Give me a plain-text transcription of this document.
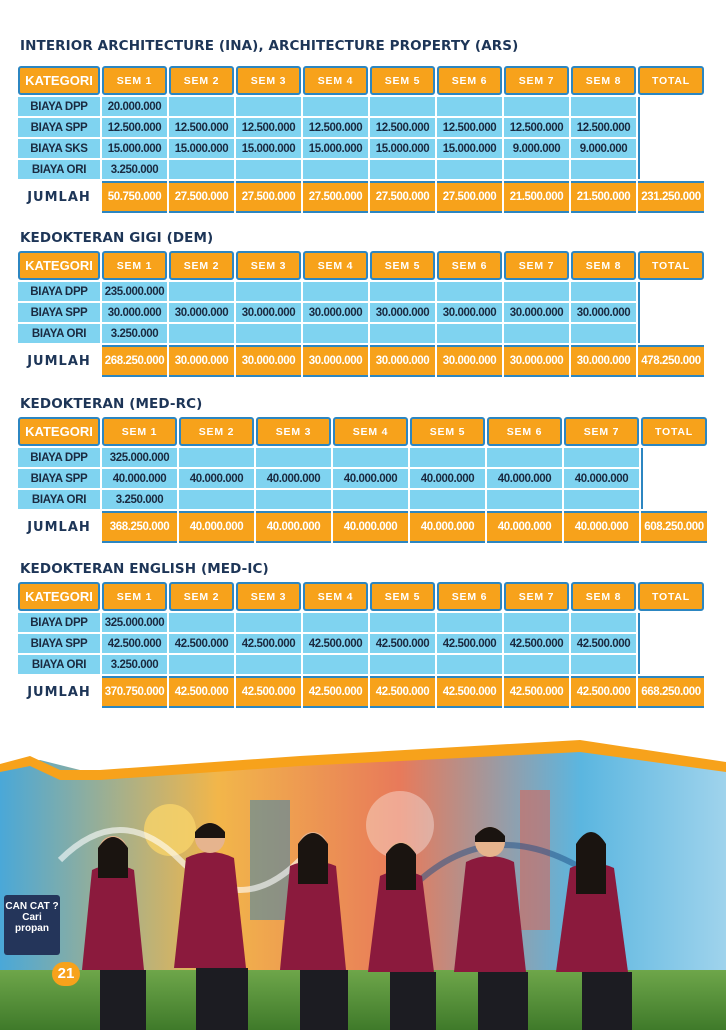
INTERIOR ARCHITECTURE (INA), ARCHITECTURE PROPERTY (ARS)
KATEGORI	SEM 1	SEM 2	SEM 3	SEM 4	SEM 5	SEM 6	SEM 7	SEM 8	TOTAL
BIAYA DPP	20.000.000								
BIAYA SPP	12.500.000	12.500.000	12.500.000	12.500.000	12.500.000	12.500.000	12.500.000	12.500.000	
BIAYA SKS	15.000.000	15.000.000	15.000.000	15.000.000	15.000.000	15.000.000	9.000.000	9.000.000	
BIAYA ORI	3.250.000								
JUMLAH	50.750.000	27.500.000	27.500.000	27.500.000	27.500.000	27.500.000	21.500.000	21.500.000	231.250.000
KEDOKTERAN GIGI (DEM)
KATEGORI	SEM 1	SEM 2	SEM 3	SEM 4	SEM 5	SEM 6	SEM 7	SEM 8	TOTAL
BIAYA DPP	235.000.000								
BIAYA SPP	30.000.000	30.000.000	30.000.000	30.000.000	30.000.000	30.000.000	30.000.000	30.000.000	
BIAYA ORI	3.250.000								
JUMLAH	268.250.000	30.000.000	30.000.000	30.000.000	30.000.000	30.000.000	30.000.000	30.000.000	478.250.000
KEDOKTERAN (MED-RC)
KATEGORI	SEM 1	SEM 2	SEM 3	SEM 4	SEM 5	SEM 6	SEM 7	TOTAL
BIAYA DPP	325.000.000							
BIAYA SPP	40.000.000	40.000.000	40.000.000	40.000.000	40.000.000	40.000.000	40.000.000	
BIAYA ORI	3.250.000							
JUMLAH	368.250.000	40.000.000	40.000.000	40.000.000	40.000.000	40.000.000	40.000.000	608.250.000
KEDOKTERAN ENGLISH (MED-IC)
KATEGORI	SEM 1	SEM 2	SEM 3	SEM 4	SEM 5	SEM 6	SEM 7	SEM 8	TOTAL
BIAYA DPP	325.000.000								
BIAYA SPP	42.500.000	42.500.000	42.500.000	42.500.000	42.500.000	42.500.000	42.500.000	42.500.000	
BIAYA ORI	3.250.000								
JUMLAH	370.750.000	42.500.000	42.500.000	42.500.000	42.500.000	42.500.000	42.500.000	42.500.000	668.250.000
CAN CAT ?
Cari
propan
21
